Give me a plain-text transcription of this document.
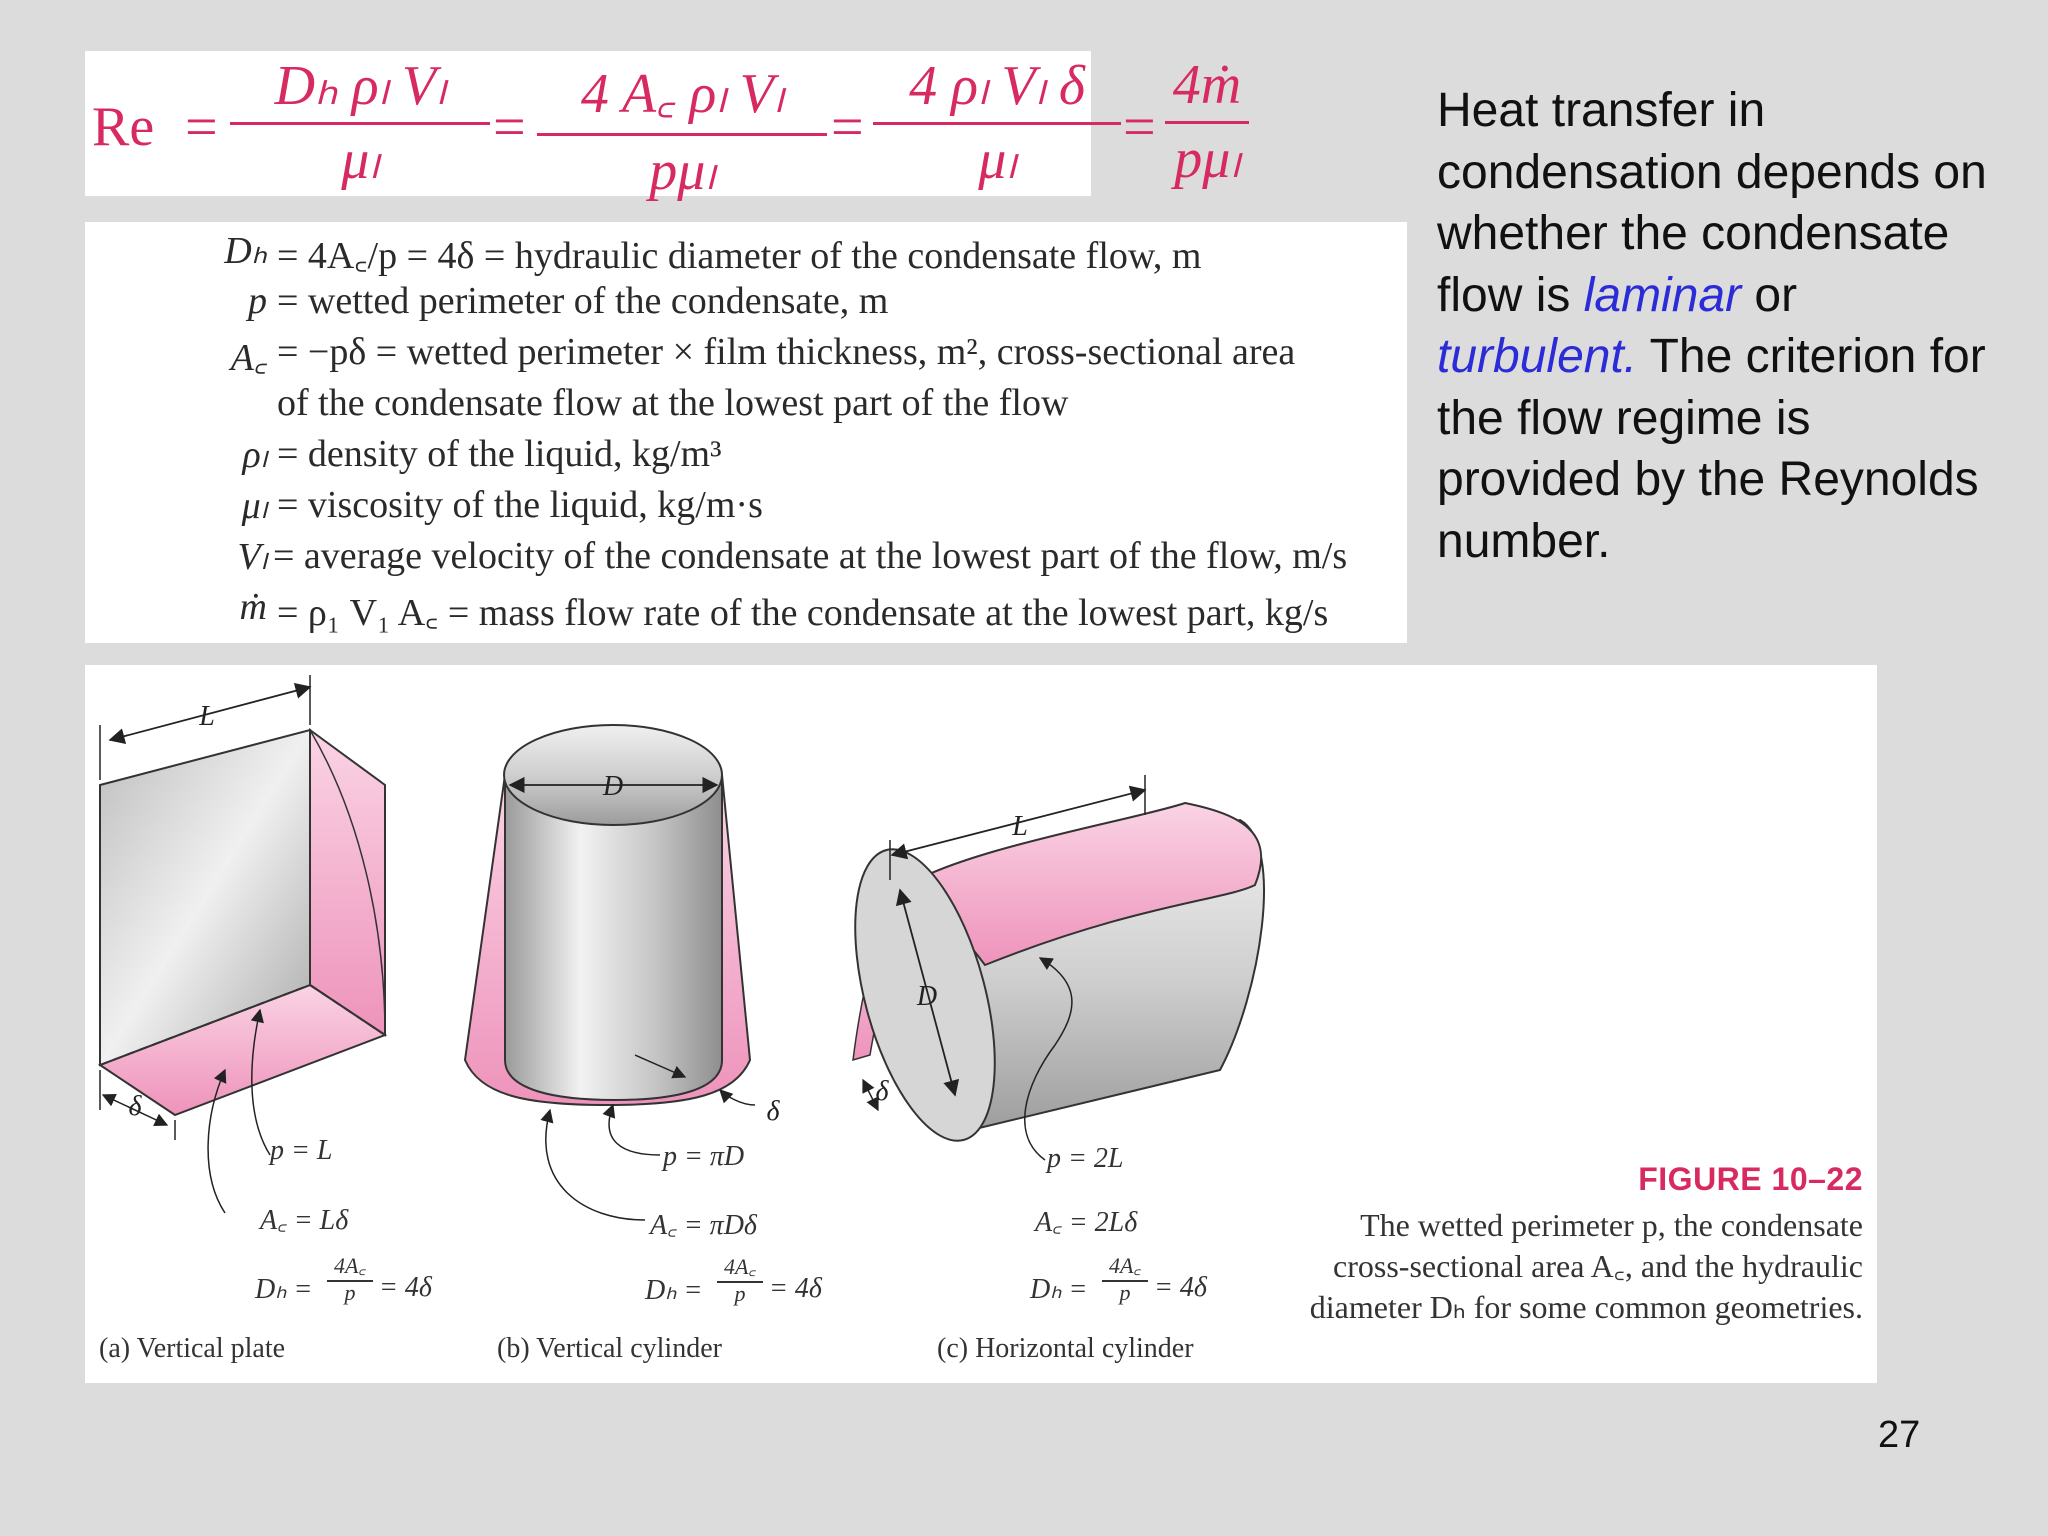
Re =
Dₕ ρₗ Vₗ
μₗ
= 4 A꜀ ρₗ Vₗ
pμₗ
=
4 ρₗ Vₗ δ
μₗ
=
4ṁ
pμₗ
Dₕ = 4A꜀/p = 4δ = hydraulic diameter of the condensate flow, m
p = wetted perimeter of the condensate, m
A꜀ = −pδ = wetted perimeter × film thickness, m², cross-sectional area
of the condensate flow at the lowest part of the flow
ρₗ = density of the liquid, kg/m³
μₗ = viscosity of the liquid, kg/m·s
Vₗ = average velocity of the condensate at the lowest part of the flow, m/s
ṁ = ρ₁ V₁ A꜀ = mass flow rate of the condensate at the lowest part, kg/s
Heat transfer in condensation depends on whether the condensate flow is laminar or turbulent. The criterion for the flow regime is provided by the Reynolds number.
L
δ
D
δ
D
L
δ
p = L
A꜀ = Lδ
Dₕ =
4A꜀
p = 4δ
(a) Vertical plate
p = πD
A꜀ = πDδ
Dₕ =
4A꜀
p = 4δ
(b) Vertical cylinder
p = 2L
A꜀ = 2Lδ
Dₕ =
4A꜀
p = 4δ
(c) Horizontal cylinder
FIGURE 10–22
The wetted perimeter p, the condensate cross-sectional area A꜀, and the hydraulic diameter Dₕ for some common geometries.
27
